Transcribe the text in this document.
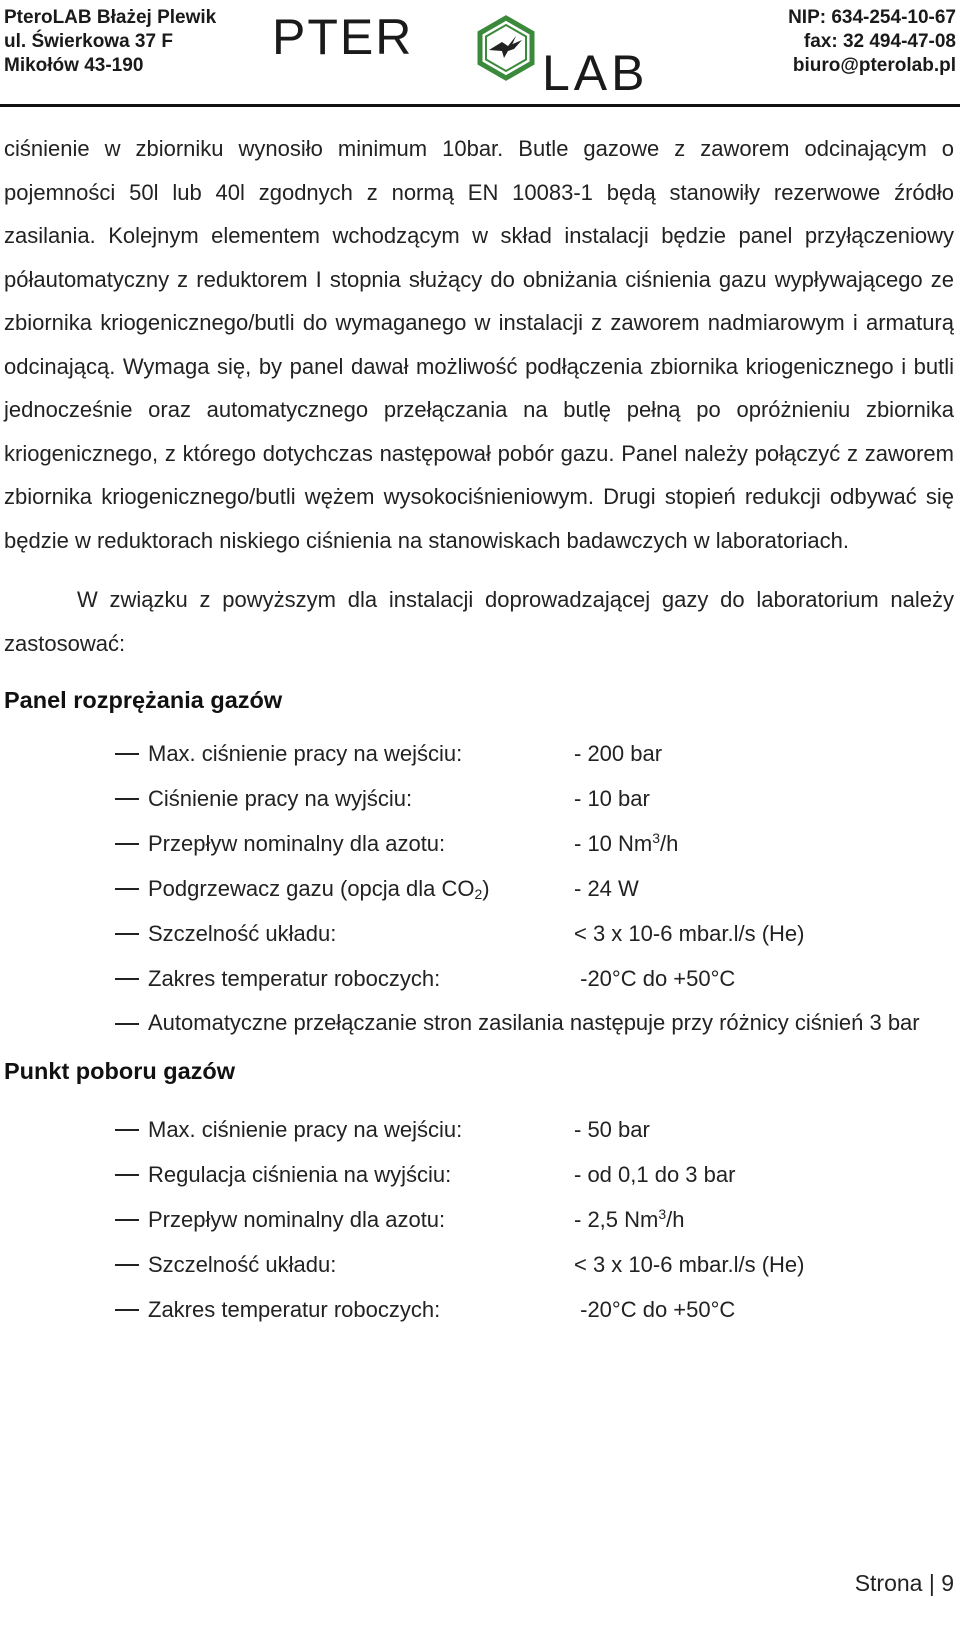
PteroLAB Błażej Plewik
ul. Świerkowa 37 F
Mikołów 43-190
PTER
LAB
NIP: 634-254-10-67
fax: 32 494-47-08
biuro@pterolab.pl

ciśnienie w zbiorniku wynosiło minimum 10bar. Butle gazowe z zaworem odcinającym o pojemności 50l lub 40l zgodnych z normą EN 10083-1 będą stanowiły rezerwowe źródło zasilania. Kolejnym elementem wchodzącym w skład instalacji będzie panel przyłączeniowy półautomatyczny z reduktorem I stopnia służący do obniżania ciśnienia gazu wypływającego ze zbiornika kriogenicznego/butli do wymaganego w instalacji z zaworem nadmiarowym i armaturą odcinającą. Wymaga się, by panel dawał możliwość podłączenia zbiornika kriogenicznego i butli jednocześnie oraz automatycznego przełączania na butlę pełną po opróżnieniu zbiornika kriogenicznego, z którego dotychczas następował pobór gazu. Panel należy połączyć z zaworem zbiornika kriogenicznego/butli wężem wysokociśnieniowym. Drugi stopień redukcji odbywać się będzie w reduktorach niskiego ciśnienia na stanowiskach badawczych w laboratoriach.

W związku z powyższym dla instalacji doprowadzającej gazy do laboratorium należy zastosować:

Panel rozprężania gazów
Max. ciśnienie pracy na wejściu:	- 200 bar
Ciśnienie pracy na wyjściu:	- 10 bar
Przepływ nominalny dla azotu:	- 10 Nm$^3$/h
Podgrzewacz gazu (opcja dla $CO_2$)	- 24 W
Szczelność układu:	< 3 x 10-6 mbar.l/s (He)
Zakres temperatur roboczych:	-20°C do +50°C
Automatyczne przełączanie stron zasilania następuje przy różnicy ciśnień 3 bar
Punkt poboru gazów
Max. ciśnienie pracy na wejściu:	- 50 bar
Regulacja ciśnienia na wyjściu:	- od 0,1 do 3 bar
Przepływ nominalny dla azotu:	- 2,5 Nm$^3$/h
Szczelność układu:	< 3 x 10-6 mbar.l/s (He)
Zakres temperatur roboczych:	-20°C do +50°C
Strona | 9
